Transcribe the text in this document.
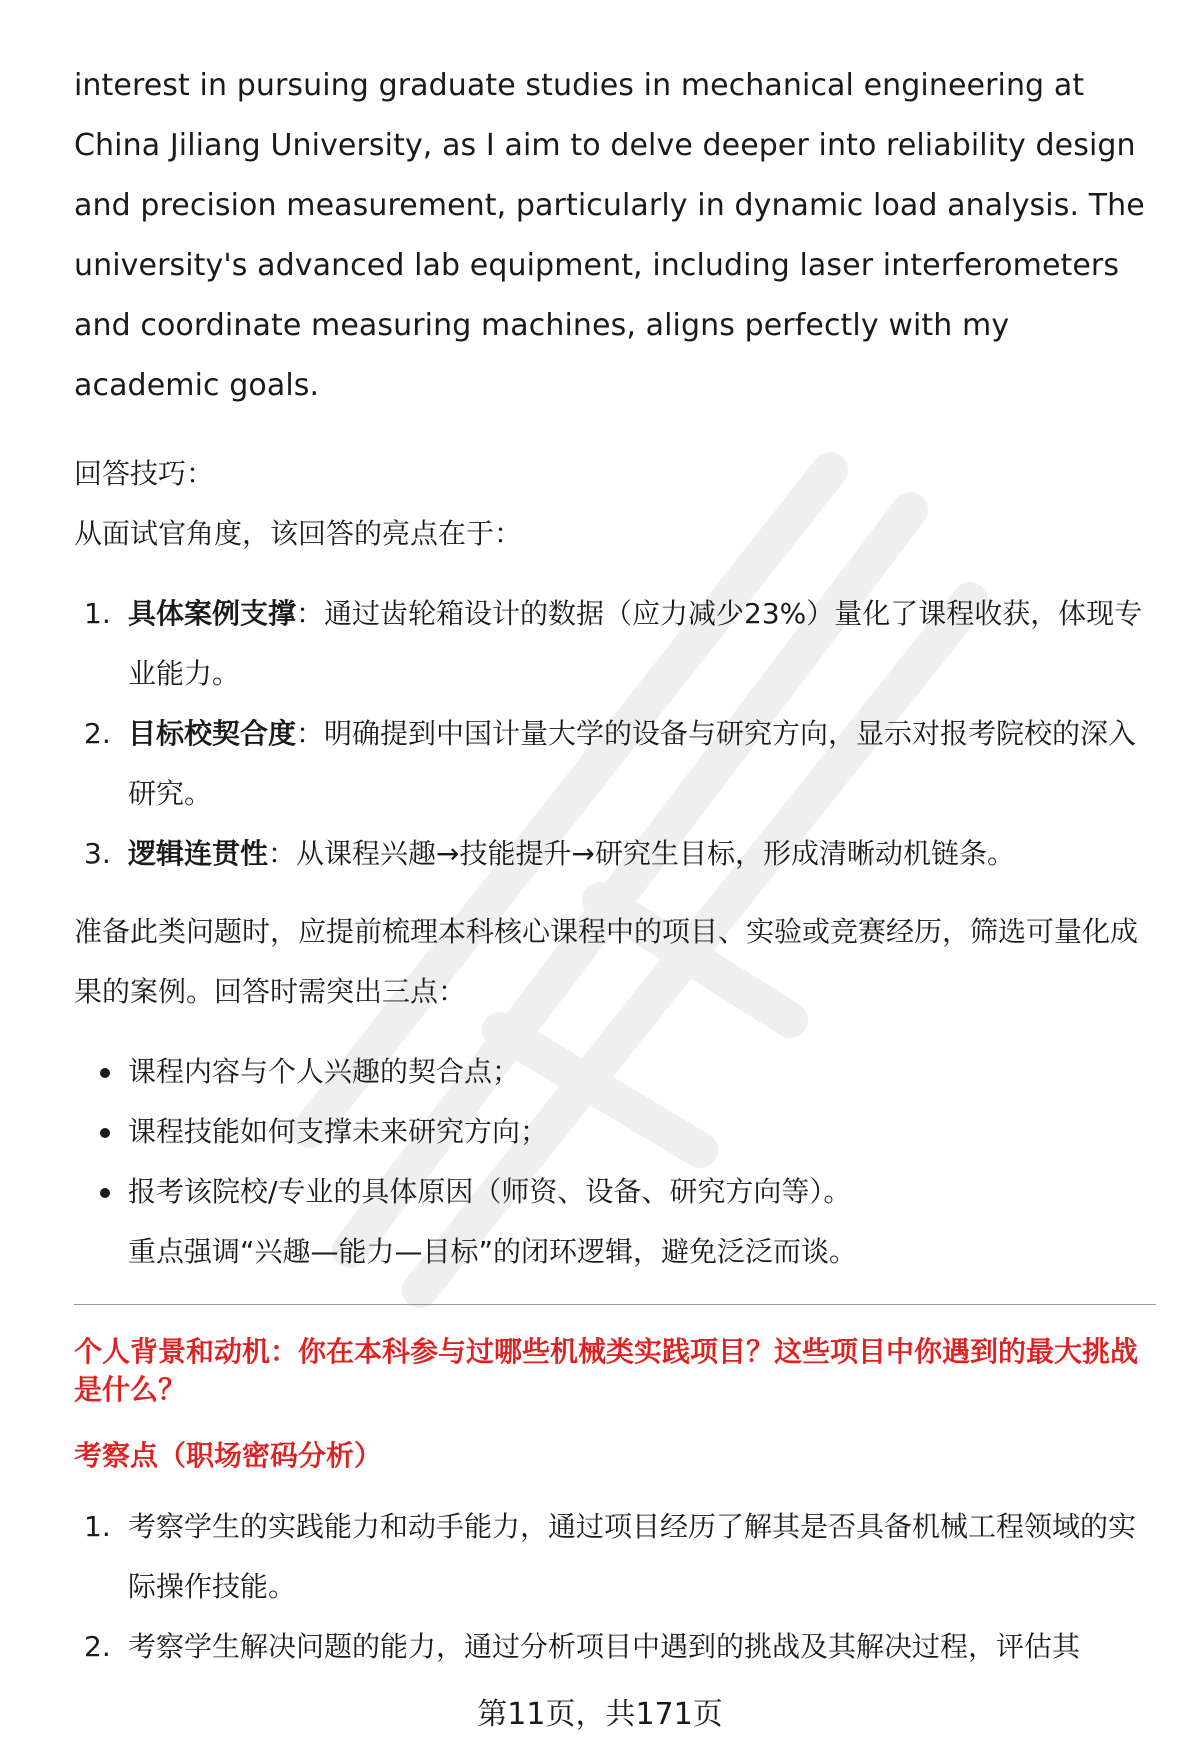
interest in pursuing graduate studies in mechanical engineering at China Jiliang University, as I aim to delve deeper into reliability design and precision measurement, particularly in dynamic load analysis. The university's advanced lab equipment, including laser interferometers and coordinate measuring machines, aligns perfectly with my academic goals.

回答技巧：

从面试官角度，该回答的亮点在于：

1. 具体案例支撑：通过齿轮箱设计的数据（应力减少23%）量化了课程收获，体现专业能力。
2. 目标校契合度：明确提到中国计量大学的设备与研究方向，显示对报考院校的深入研究。
3. 逻辑连贯性：从课程兴趣→技能提升→研究生目标，形成清晰动机链条。

准备此类问题时，应提前梳理本科核心课程中的项目、实验或竞赛经历，筛选可量化成果的案例。回答时需突出三点：

课程内容与个人兴趣的契合点；
课程技能如何支撑未来研究方向；
报考该院校/专业的具体原因（师资、设备、研究方向等）。
重点强调“兴趣—能力—目标”的闭环逻辑，避免泛泛而谈。

个人背景和动机：你在本科参与过哪些机械类实践项目？这些项目中你遇到的最大挑战是什么？

考察点（职场密码分析）

1. 考察学生的实践能力和动手能力，通过项目经历了解其是否具备机械工程领域的实际操作技能。
2. 考察学生解决问题的能力，通过分析项目中遇到的挑战及其解决过程，评估其
第11页，共171页
